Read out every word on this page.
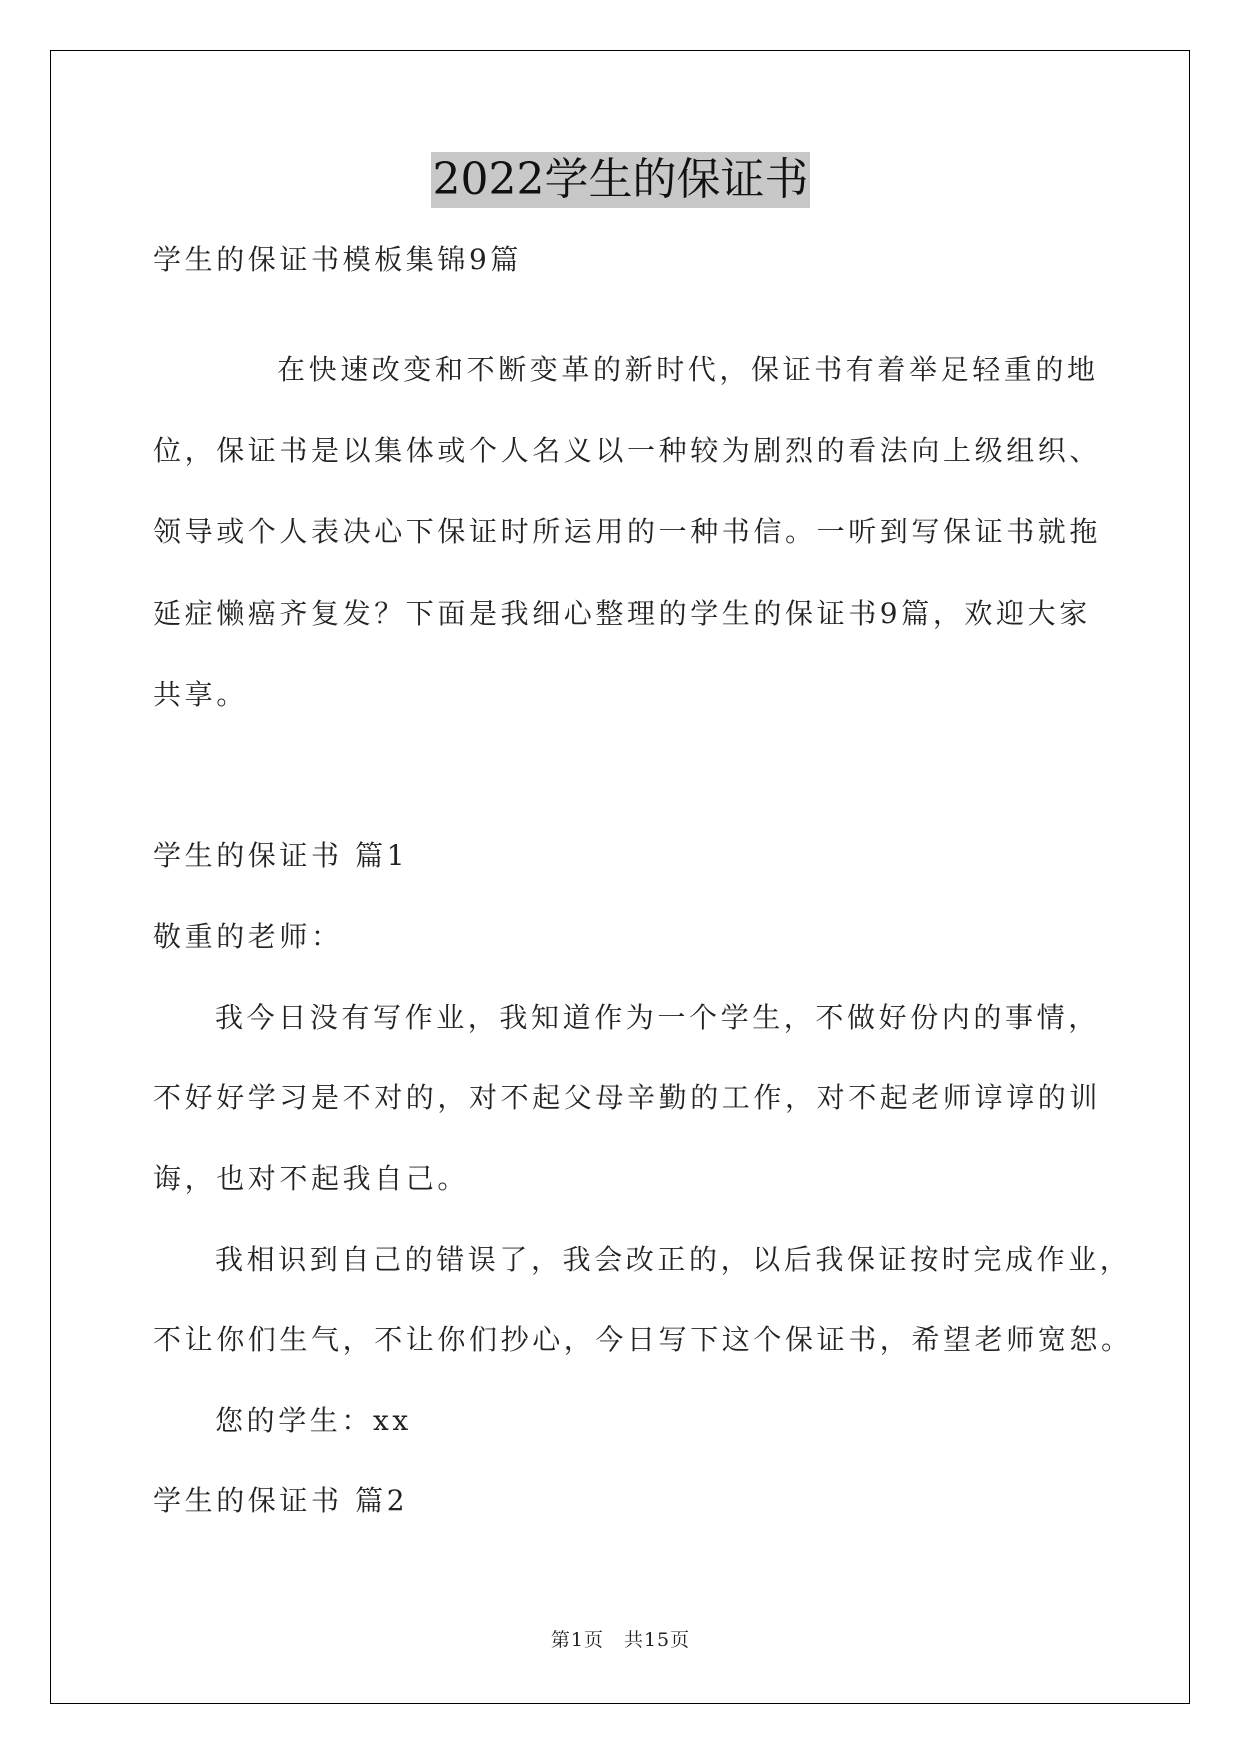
2022学生的保证书
学生的保证书模板集锦9篇
在快速改变和不断变革的新时代，保证书有着举足轻重的地
位，保证书是以集体或个人名义以一种较为剧烈的看法向上级组织、
领导或个人表决心下保证时所运用的一种书信。一听到写保证书就拖
延症懒癌齐复发？下面是我细心整理的学生的保证书9篇，欢迎大家
共享。
学生的保证书 篇1
敬重的老师：
我今日没有写作业，我知道作为一个学生，不做好份内的事情，
不好好学习是不对的，对不起父母辛勤的工作，对不起老师谆谆的训
诲，也对不起我自己。
我相识到自己的错误了，我会改正的，以后我保证按时完成作业，
不让你们生气，不让你们抄心，今日写下这个保证书，希望老师宽恕。
您的学生：xx
学生的保证书 篇2
第1页　共15页
